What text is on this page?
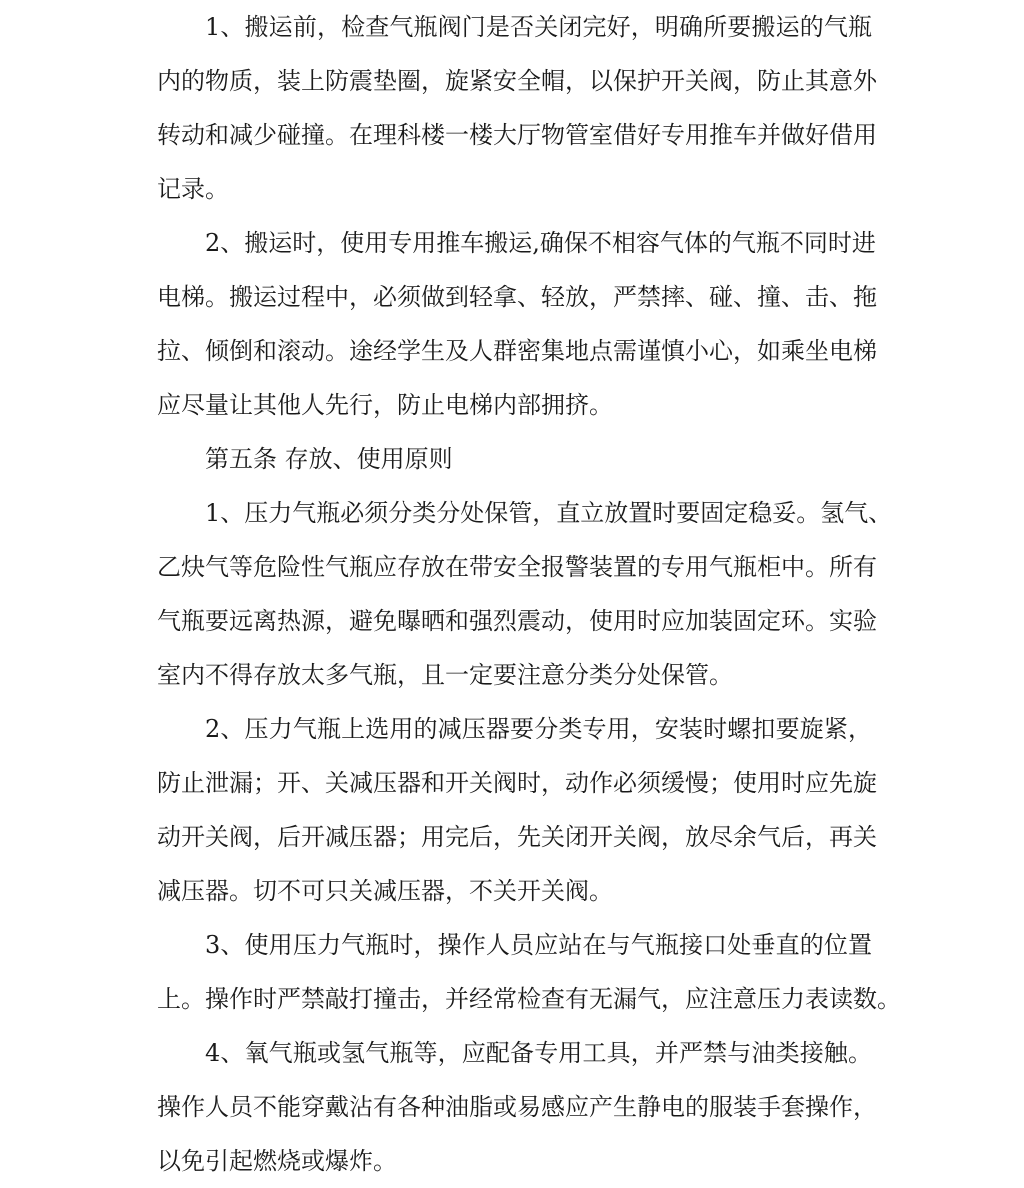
1、搬运前，检查气瓶阀门是否关闭完好，明确所要搬运的气瓶
内的物质，装上防震垫圈，旋紧安全帽，以保护开关阀，防止其意外
转动和减少碰撞。在理科楼一楼大厅物管室借好专用推车并做好借用
记录。
2、搬运时，使用专用推车搬运,确保不相容气体的气瓶不同时进
电梯。搬运过程中，必须做到轻拿、轻放，严禁摔、碰、撞、击、拖
拉、倾倒和滚动。途经学生及人群密集地点需谨慎小心，如乘坐电梯
应尽量让其他人先行，防止电梯内部拥挤。
第五条 存放、使用原则
1、压力气瓶必须分类分处保管，直立放置时要固定稳妥。氢气、
乙炔气等危险性气瓶应存放在带安全报警装置的专用气瓶柜中。所有
气瓶要远离热源，避免曝晒和强烈震动，使用时应加装固定环。实验
室内不得存放太多气瓶，且一定要注意分类分处保管。
2、压力气瓶上选用的减压器要分类专用，安装时螺扣要旋紧，
防止泄漏；开、关减压器和开关阀时，动作必须缓慢；使用时应先旋
动开关阀，后开减压器；用完后，先关闭开关阀，放尽余气后，再关
减压器。切不可只关减压器，不关开关阀。
3、使用压力气瓶时，操作人员应站在与气瓶接口处垂直的位置
上。操作时严禁敲打撞击，并经常检查有无漏气，应注意压力表读数。
4、氧气瓶或氢气瓶等，应配备专用工具，并严禁与油类接触。
操作人员不能穿戴沾有各种油脂或易感应产生静电的服装手套操作，
以免引起燃烧或爆炸。
